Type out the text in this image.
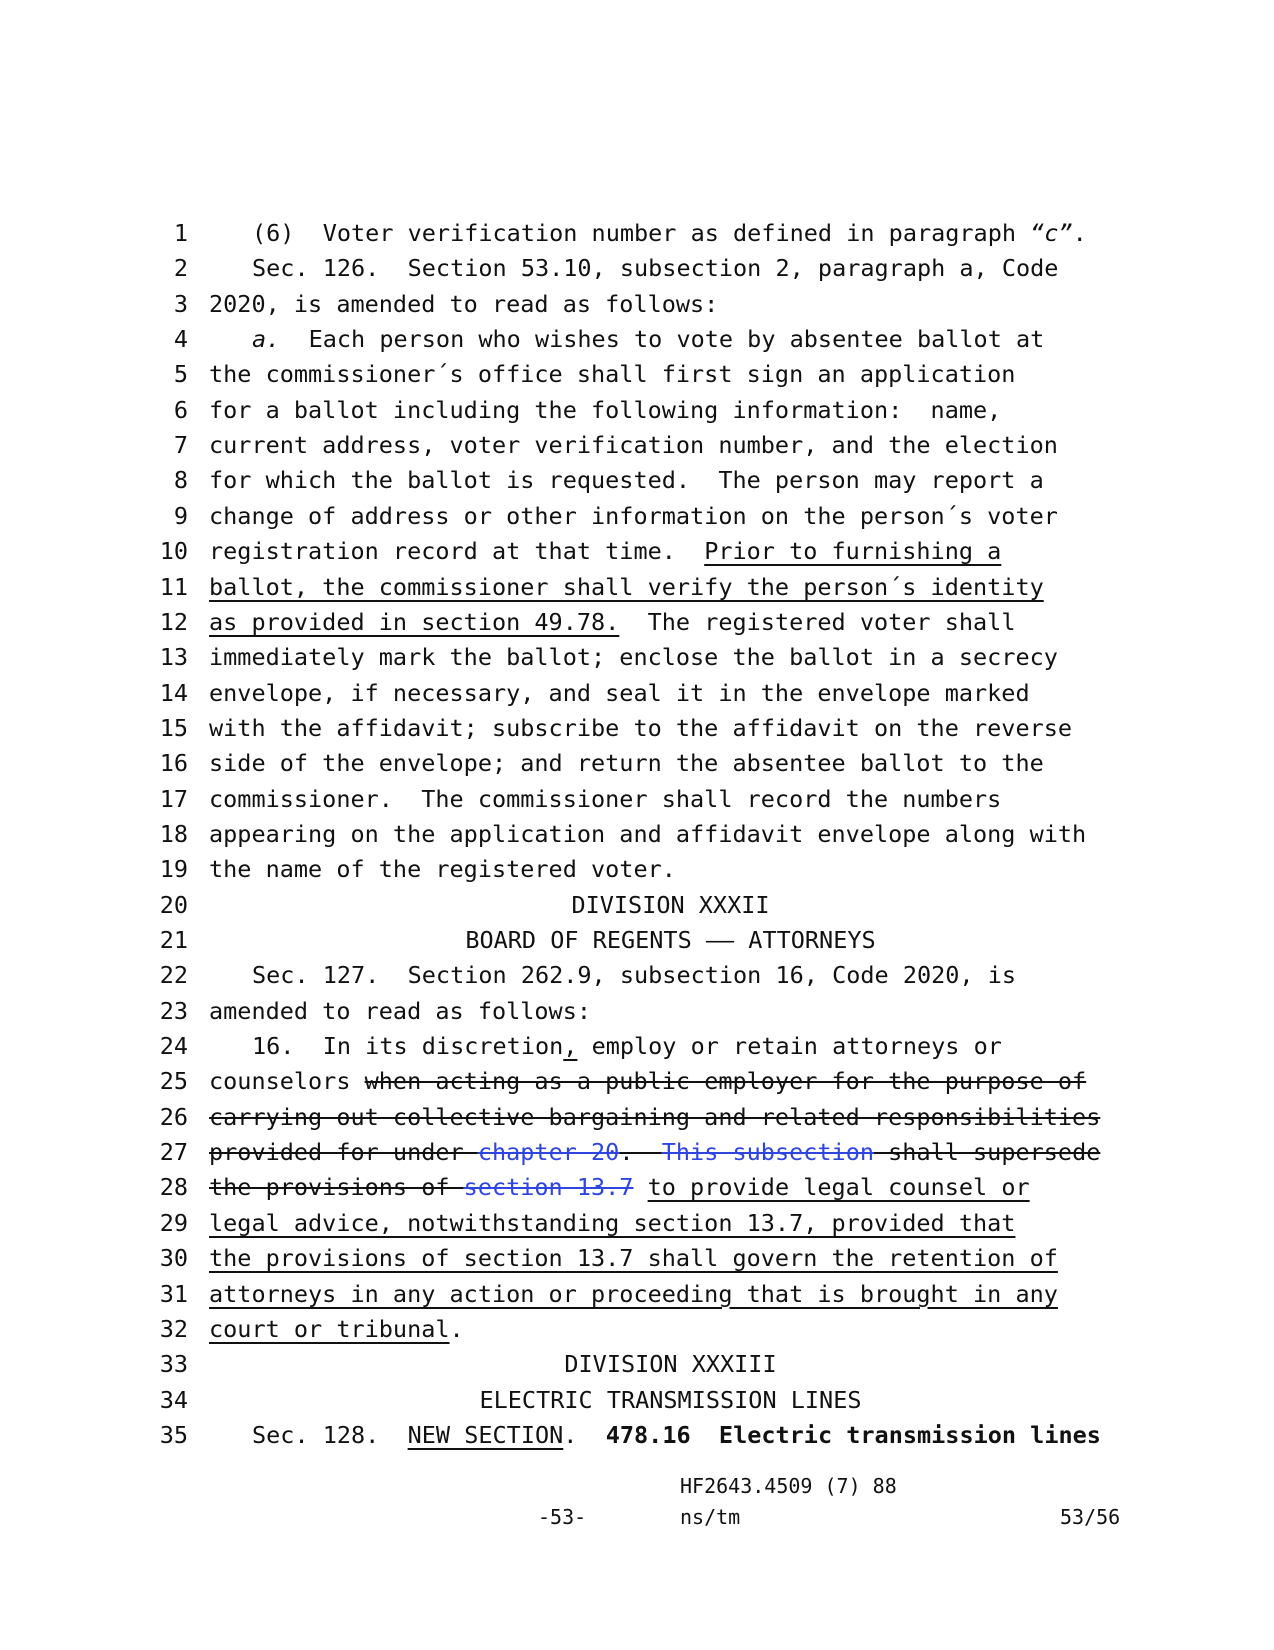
1	(6)  Voter verification number as defined in paragraph “c”.
2	Sec. 126.  Section 53.10, subsection 2, paragraph a, Code
3 2020, is amended to read as follows:
4	a.  Each person who wishes to vote by absentee ballot at
5 the commissioner´s office shall first sign an application
6 for a ballot including the following information:  name,
7 current address, voter verification number, and the election
8 for which the ballot is requested.  The person may report a
9 change of address or other information on the person´s voter
10 registration record at that time.  Prior to furnishing a
11 ballot, the commissioner shall verify the person´s identity
12 as provided in section 49.78.  The registered voter shall
13 immediately mark the ballot; enclose the ballot in a secrecy
14 envelope, if necessary, and seal it in the envelope marked
15 with the affidavit; subscribe to the affidavit on the reverse
16 side of the envelope; and return the absentee ballot to the
17 commissioner.  The commissioner shall record the numbers
18 appearing on the application and affidavit envelope along with
19 the name of the registered voter.
20	DIVISION XXXII
21	BOARD OF REGENTS —— ATTORNEYS
22	Sec. 127.  Section 262.9, subsection 16, Code 2020, is
23 amended to read as follows:
24	16.  In its discretion, employ or retain attorneys or
25 counselors when acting as a public employer for the purpose of
26 carrying out collective bargaining and related responsibilities
27 provided for under chapter 20.  This subsection shall supersede
28 the provisions of section 13.7 to provide legal counsel or
29 legal advice, notwithstanding section 13.7, provided that
30 the provisions of section 13.7 shall govern the retention of
31 attorneys in any action or proceeding that is brought in any
32 court or tribunal.
33	DIVISION XXXIII
34	ELECTRIC TRANSMISSION LINES
35	Sec. 128.  NEW SECTION.  478.16  Electric transmission lines
HF2643.4509 (7) 88
-53-	ns/tm	53/56
